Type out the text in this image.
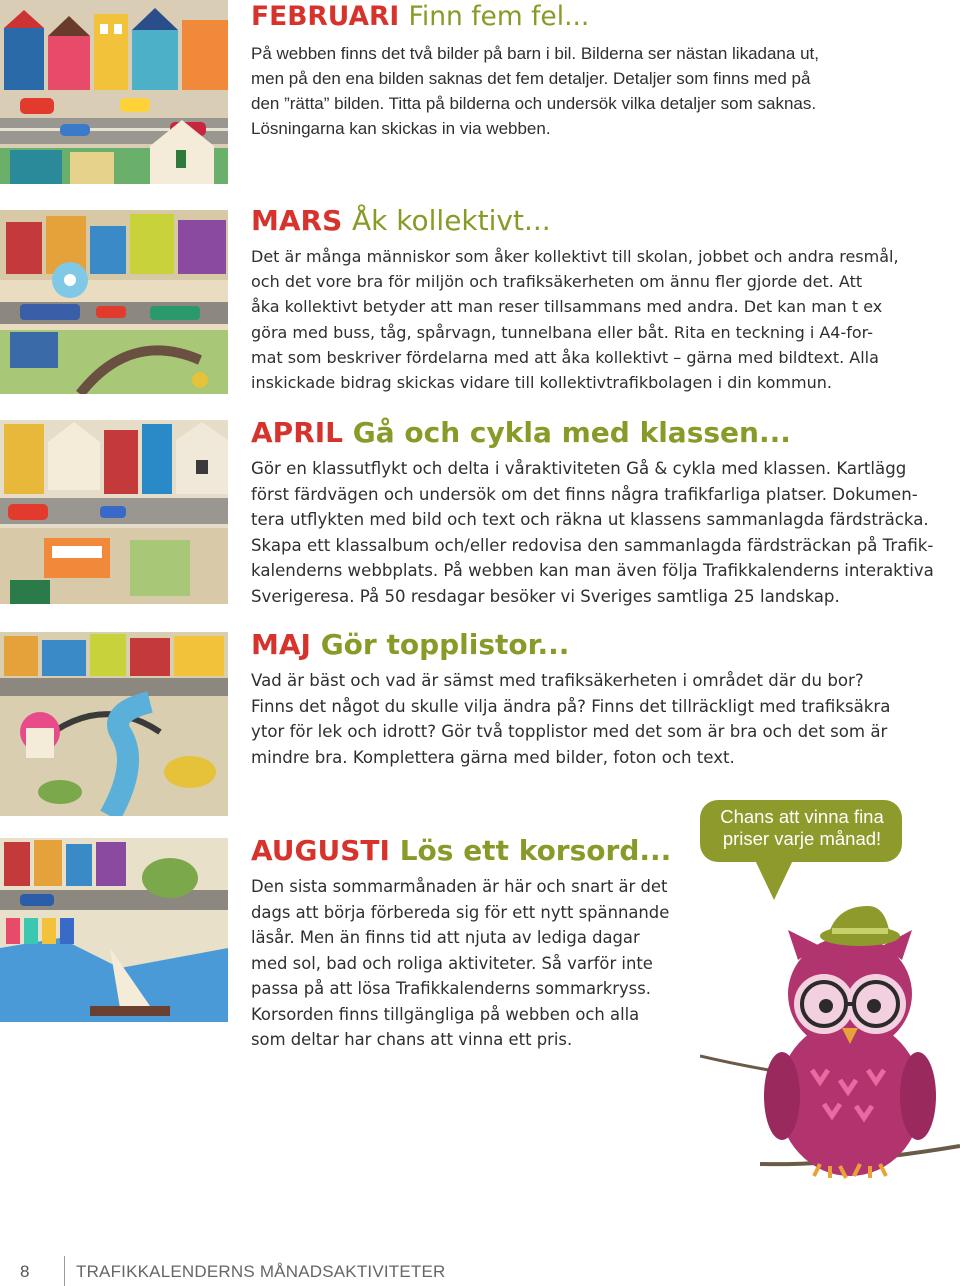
FEBRUARI Finn fem fel...

På webben finns det två bilder på barn i bil. Bilderna ser nästan likadana ut,
men på den ena bilden saknas det fem detaljer. Detaljer som finns med på
den ”rätta” bilden. Titta på bilderna och undersök vilka detaljer som saknas.
Lösningarna kan skickas in via webben.

MARS Åk kollektivt...

Det är många människor som åker kollektivt till skolan, jobbet och andra resmål,
och det vore bra för miljön och trafiksäkerheten om ännu fler gjorde det. Att
åka kollektivt betyder att man reser tillsammans med andra. Det kan man t ex
göra med buss, tåg, spårvagn, tunnelbana eller båt. Rita en teckning i A4-for-
mat som beskriver fördelarna med att åka kollektivt – gärna med bildtext. Alla
inskickade bidrag skickas vidare till kollektivtrafikbolagen i din kommun.

APRIL Gå och cykla med klassen...

Gör en klassutflykt och delta i våraktiviteten Gå & cykla med klassen. Kartlägg
först färdvägen och undersök om det finns några trafikfarliga platser. Dokumen-
tera utflykten med bild och text och räkna ut klassens sammanlagda färdsträcka.
Skapa ett klassalbum och/eller redovisa den sammanlagda färdsträckan på Trafik-
kalenderns webbplats. På webben kan man även följa Trafikkalenderns interaktiva
Sverigeresa. På 50 resdagar besöker vi Sveriges samtliga 25 landskap.

MAJ Gör topplistor...

Vad är bäst och vad är sämst med trafiksäkerheten i området där du bor?
Finns det något du skulle vilja ändra på? Finns det tillräckligt med trafiksäkra
ytor för lek och idrott? Gör två topplistor med det som är bra och det som är
mindre bra. Komplettera gärna med bilder, foton och text.

AUGUSTI Lös ett korsord...

Den sista sommarmånaden är här och snart är det
dags att börja förbereda sig för ett nytt spännande
läsår. Men än finns tid att njuta av lediga dagar
med sol, bad och roliga aktiviteter. Så varför inte
passa på att lösa Trafikkalenderns sommarkryss.
Korsorden finns tillgängliga på webben och alla
som deltar har chans att vinna ett pris.

Chans att vinna fina
priser varje månad!
8	TRAFIKKALENDERNS MÅNADSAKTIVITETER
